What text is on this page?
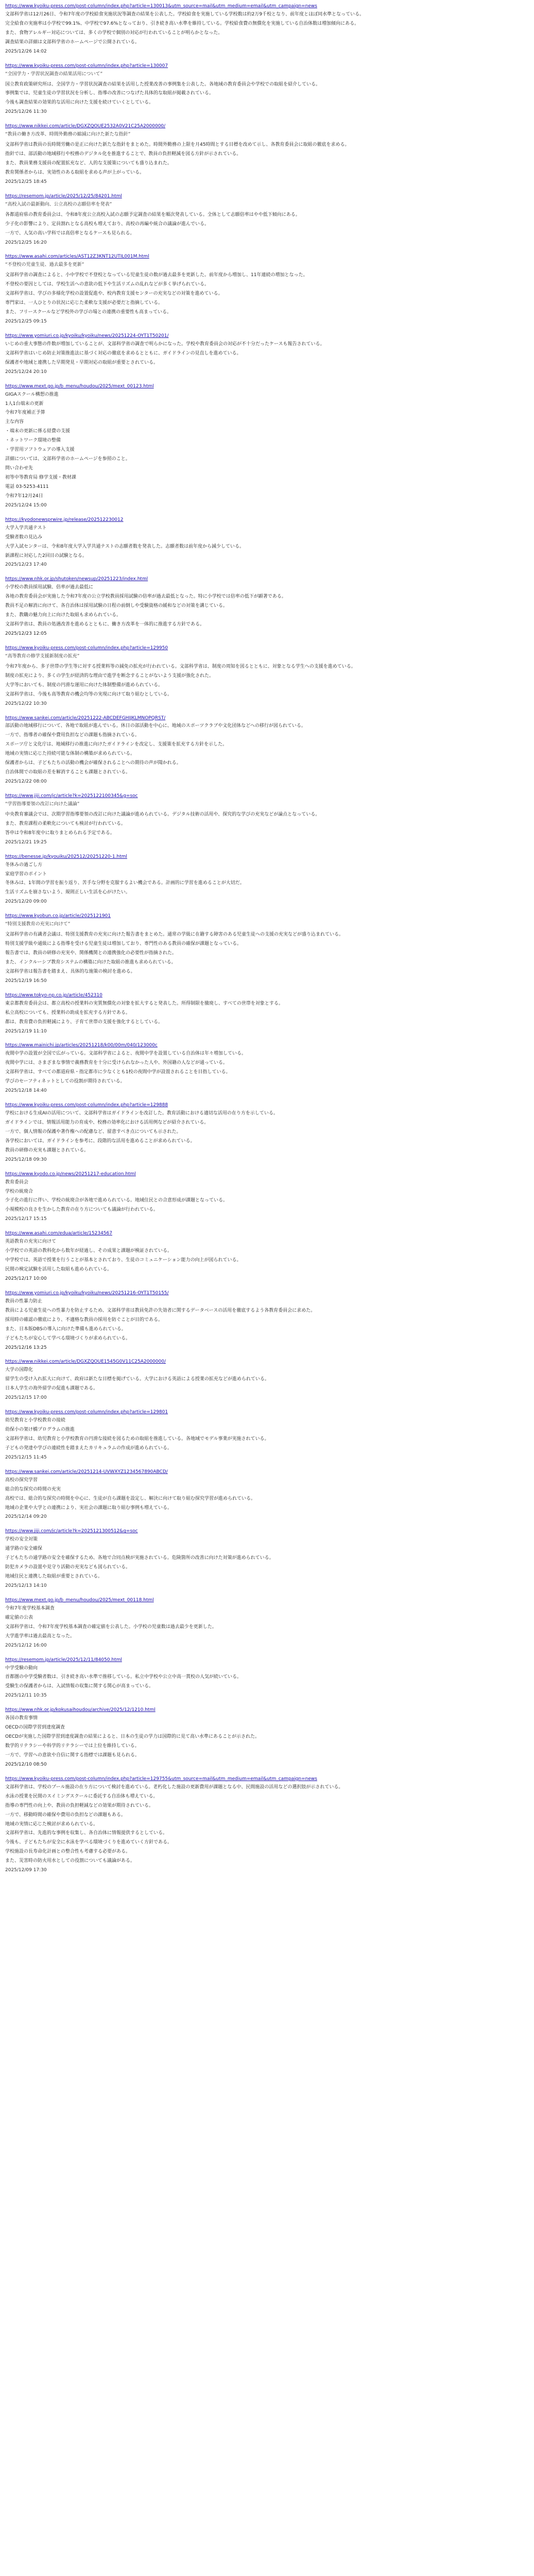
https://www.kyoiku-press.com/post-column/index.php?article=130013&utm_source=mail&utm_medium=email&utm_campaign=news
文部科学省は12月26日、令和7年度の学校給食実施状況等調査の結果を公表した。学校給食を実施している学校数は約2万9千校となり、前年度とほぼ同水準となっている。
完全給食の実施率は小学校で99.1%、中学校で97.6%となっており、引き続き高い水準を維持している。学校給食費の無償化を実施している自治体数は増加傾向にある。
また、食物アレルギー対応については、多くの学校で個別の対応が行われていることが明らかとなった。
調査結果の詳細は文部科学省のホームページで公開されている。
2025/12/26 14:02
https://www.kyoiku-press.com/post-column/index.php?article=130007
“ 全国学力・学習状況調査の結果活用について ”
国立教育政策研究所は、全国学力・学習状況調査の結果を活用した授業改善の事例集を公表した。各地域の教育委員会や学校での取組を紹介している。
事例集では、児童生徒の学習状況を分析し、指導の改善につなげた具体的な取組が掲載されている。
今後も調査結果の効果的な活用に向けた支援を続けていくとしている。
2025/12/26 11:30
https://www.nikkei.com/article/DGXZQOUE2532A0V21C25A2000000/
“ 教員の働き方改革、時間外勤務の縮減に向けた新たな指針 ”
文部科学省は教員の長時間労働の是正に向けた新たな指針をまとめた。時間外勤務の上限を月45時間とする目標を改めて示し、各教育委員会に取組の徹底を求める。
指針では、部活動の地域移行や校務のデジタル化を推進することで、教員の負担軽減を図る方針が示されている。
また、教員業務支援員の配置拡充など、人的な支援策についても盛り込まれた。
教育関係者からは、実効性のある取組を求める声が上がっている。
2025/12/25 18:45
https://resemom.jp/article/2025/12/25/84201.html
“ 高校入試の最新動向、公立高校の志願倍率を発表 ”
各都道府県の教育委員会は、令和8年度公立高校入試の志願予定調査の結果を順次発表している。全体として志願倍率はやや低下傾向にある。
少子化の影響により、定員割れとなる高校も増えており、高校の再編や統合の議論が進んでいる。
一方で、人気の高い学科では高倍率となるケースも見られる。
2025/12/25 16:20
https://www.asahi.com/articles/AST12Z3KNT12UTIL001M.html
“ 不登校の児童生徒、過去最多を更新 ”
文部科学省の調査によると、小中学校で不登校となっている児童生徒の数が過去最多を更新した。前年度から増加し、11年連続の増加となった。
不登校の要因としては、学校生活への意欲の低下や生活リズムの乱れなどが多く挙げられている。
文部科学省は、学びの多様化学校の設置促進や、校内教育支援センターの充実などの対策を進めている。
専門家は、一人ひとりの状況に応じた柔軟な支援が必要だと指摘している。
また、フリースクールなど学校外の学びの場との連携の重要性も高まっている。
2025/12/25 09:15
https://www.yomiuri.co.jp/kyoiku/kyoiku/news/20251224-OYT1T50201/
いじめの重大事態の件数が増加していることが、文部科学省の調査で明らかになった。学校や教育委員会の対応が不十分だったケースも報告されている。
文部科学省はいじめ防止対策推進法に基づく対応の徹底を求めるとともに、ガイドラインの見直しを進めている。
保護者や地域と連携した早期発見・早期対応の取組が重要とされている。
2025/12/24 20:10
https://www.mext.go.jp/b_menu/houdou/2025/mext_00123.html
GIGAスクール構想の推進
1人1台端末の更新
令和7年度補正予算
主な内容
・端末の更新に係る経費の支援
・ネットワーク環境の整備
・学習用ソフトウェアの導入支援
詳細については、文部科学省のホームページを参照のこと。
問い合わせ先
初等中等教育局 修学支援・教材課
電話 03-5253-4111
令和7年12月24日
2025/12/24 15:00
https://kyodonewsprwire.jp/release/202512230012
大学入学共通テスト
受験者数の見込み
大学入試センターは、令和8年度大学入学共通テストの志願者数を発表した。志願者数は前年度から減少している。
新課程に対応した2回目の試験となる。
2025/12/23 17:40
https://www.nhk.or.jp/shutoken/newsup/20251223/index.html
小学校の教員採用試験、倍率が過去最低に
各地の教育委員会が実施した令和7年度の公立学校教員採用試験の倍率が過去最低となった。特に小学校では倍率の低下が顕著である。
教員不足の解消に向けて、各自治体は採用試験の日程の前倒しや受験資格の緩和などの対策を講じている。
また、教職の魅力向上に向けた取組も求められている。
文部科学省は、教員の処遇改善を進めるとともに、働き方改革を一体的に推進する方針である。
2025/12/23 12:05
https://www.kyoiku-press.com/post-column/index.php?article=129950
“ 高等教育の修学支援新制度の拡充 ”
令和7年度から、多子世帯の学生等に対する授業料等の減免の拡充が行われている。文部科学省は、制度の周知を図るとともに、対象となる学生への支援を進めている。
制度の拡充により、多くの学生が経済的な理由で進学を断念することがないよう支援が強化された。
大学等においても、制度の円滑な運用に向けた体制整備が進められている。
文部科学省は、今後も高等教育の機会均等の実現に向けて取り組むとしている。
2025/12/22 10:30
https://www.sankei.com/article/20251222-ABCDEFGHIJKLMNOPQRST/
部活動の地域移行について、各地で取組が進んでいる。休日の部活動を中心に、地域のスポーツクラブや文化団体などへの移行が図られている。
一方で、指導者の確保や費用負担などの課題も指摘されている。
スポーツ庁と文化庁は、地域移行の推進に向けたガイドラインを改定し、支援策を拡充する方針を示した。
地域の実情に応じた持続可能な体制の構築が求められている。
保護者からは、子どもたちの活動の機会が確保されることへの期待の声が聞かれる。
自治体間での取組の差を解消することも課題とされている。
2025/12/22 08:00
https://www.jiji.com/jc/article?k=2025122100345&g=soc
“ 学習指導要領の改訂に向けた議論 ”
中央教育審議会では、次期学習指導要領の改訂に向けた議論が進められている。デジタル技術の活用や、探究的な学びの充実などが論点となっている。
また、教育課程の柔軟化についても検討が行われている。
答申は令和8年度中に取りまとめられる予定である。
2025/12/21 19:25
https://benesse.jp/kyouiku/202512/20251220-1.html
冬休みの過ごし方
家庭学習のポイント
冬休みは、1年間の学習を振り返り、苦手な分野を克服するよい機会である。計画的に学習を進めることが大切だ。
生活リズムを崩さないよう、規則正しい生活を心がけたい。
2025/12/20 09:00
https://www.kyobun.co.jp/article/2025121901
“ 特別支援教育の充実に向けて ”
文部科学省の有識者会議は、特別支援教育の充実に向けた報告書をまとめた。通常の学級に在籍する障害のある児童生徒への支援の充実などが盛り込まれている。
特別支援学級や通級による指導を受ける児童生徒は増加しており、専門性のある教員の確保が課題となっている。
報告書では、教員の研修の充実や、関係機関との連携強化の必要性が指摘された。
また、インクルーシブ教育システムの構築に向けた取組の推進も求められている。
文部科学省は報告書を踏まえ、具体的な施策の検討を進める。
2025/12/19 16:50
https://www.tokyo-np.co.jp/article/452310
東京都教育委員会は、都立高校の授業料の実質無償化の対象を拡大すると発表した。所得制限を撤廃し、すべての世帯を対象とする。
私立高校についても、授業料の助成を拡充する方針である。
都は、教育費の負担軽減により、子育て世帯の支援を強化するとしている。
2025/12/19 11:10
https://www.mainichi.jp/articles/20251218/k00/00m/040/123000c
夜間中学の設置が全国で広がっている。文部科学省によると、夜間中学を設置している自治体は年々増加している。
夜間中学には、さまざまな事情で義務教育を十分に受けられなかった人や、外国籍の人などが通っている。
文部科学省は、すべての都道府県・指定都市に少なくとも1校の夜間中学が設置されることを目指している。
学びのセーフティネットとしての役割が期待されている。
2025/12/18 14:40
https://www.kyoiku-press.com/post-column/index.php?article=129888
学校における生成AIの活用について、文部科学省はガイドラインを改訂した。教育活動における適切な活用の在り方を示している。
ガイドラインでは、情報活用能力の育成や、校務の効率化における活用例などが紹介されている。
一方で、個人情報の保護や著作権への配慮など、留意すべき点についても示された。
各学校においては、ガイドラインを参考に、段階的な活用を進めることが求められている。
教員の研修の充実も課題とされている。
2025/12/18 09:30
https://www.kyodo.co.jp/news/20251217-education.html
教育委員会
学校の統廃合
少子化の進行に伴い、学校の統廃合が各地で進められている。地域住民との合意形成が課題となっている。
小規模校の良さを生かした教育の在り方についても議論が行われている。
2025/12/17 15:15
https://www.asahi.com/edua/article/15234567
英語教育の充実に向けて
小学校での英語の教科化から数年が経過し、その成果と課題が検証されている。
中学校では、英語で授業を行うことが基本とされており、生徒のコミュニケーション能力の向上が図られている。
民間の検定試験を活用した取組も進められている。
2025/12/17 10:00
https://www.yomiuri.co.jp/kyoiku/kyoiku/news/20251216-OYT1T50155/
教員の性暴力防止
教員による児童生徒への性暴力を防止するため、文部科学省は教員免許の失効者に関するデータベースの活用を徹底するよう各教育委員会に求めた。
採用時の確認の徹底により、不適格な教員の採用を防ぐことが目的である。
また、日本版DBSの導入に向けた準備も進められている。
子どもたちが安心して学べる環境づくりが求められている。
2025/12/16 13:25
https://www.nikkei.com/article/DGXZQOUE1545G0V11C25A2000000/
大学の国際化
留学生の受け入れ拡大に向けて、政府は新たな目標を掲げている。大学における英語による授業の拡充などが進められている。
日本人学生の海外留学の促進も課題である。
2025/12/15 17:00
https://www.kyoiku-press.com/post-column/index.php?article=129801
幼児教育と小学校教育の接続
幼保小の架け橋プログラムの推進
文部科学省は、幼児教育と小学校教育の円滑な接続を図るための取組を推進している。各地域でモデル事業が実施されている。
子どもの発達や学びの連続性を踏まえたカリキュラムの作成が進められている。
2025/12/15 11:45
https://www.sankei.com/article/20251214-UVWXYZ1234567890ABCD/
高校の探究学習
総合的な探究の時間の充実
高校では、総合的な探究の時間を中心に、生徒が自ら課題を設定し、解決に向けて取り組む探究学習が進められている。
地域の企業や大学との連携により、実社会の課題に取り組む事例も増えている。
2025/12/14 09:20
https://www.jiji.com/jc/article?k=2025121300512&g=soc
学校の安全対策
通学路の安全確保
子どもたちの通学路の安全を確保するため、各地で合同点検が実施されている。危険箇所の改善に向けた対策が進められている。
防犯カメラの設置や見守り活動の充実なども図られている。
地域住民と連携した取組が重要とされている。
2025/12/13 14:10
https://www.mext.go.jp/b_menu/houdou/2025/mext_00118.html
令和7年度学校基本調査
確定値の公表
文部科学省は、令和7年度学校基本調査の確定値を公表した。小学校の児童数は過去最少を更新した。
大学進学率は過去最高となった。
2025/12/12 16:00
https://resemom.jp/article/2025/12/11/84050.html
中学受験の動向
首都圏の中学受験者数は、引き続き高い水準で推移している。私立中学校や公立中高一貫校の人気が続いている。
受験生の保護者からは、入試情報の収集に関する関心が高まっている。
2025/12/11 10:35
https://www.nhk.or.jp/kokusaihoudou/archive/2025/12/1210.html
各国の教育事情
OECDの国際学習到達度調査
OECDが実施した国際学習到達度調査の結果によると、日本の生徒の学力は国際的に見て高い水準にあることが示された。
数学的リテラシーや科学的リテラシーでは上位を維持している。
一方で、学習への意欲や自信に関する指標では課題も見られる。
2025/12/10 08:50
https://www.kyoiku-press.com/post-column/index.php?article=129755&utm_source=mail&utm_medium=email&utm_campaign=news
文部科学省は、学校のプール施設の在り方について検討を進めている。老朽化した施設の更新費用が課題となる中、民間施設の活用などの選択肢が示されている。
水泳の授業を民間のスイミングスクールに委託する自治体も増えている。
指導の専門性の向上や、教員の負担軽減などの効果が期待されている。
一方で、移動時間の確保や費用の負担などの課題もある。
地域の実情に応じた検討が求められている。
文部科学省は、先進的な事例を収集し、各自治体に情報提供するとしている。
今後も、子どもたちが安全に水泳を学べる環境づくりを進めていく方針である。
学校施設の長寿命化計画との整合性も考慮する必要がある。
また、災害時の防火用水としての役割についても議論がある。
2025/12/09 17:30
